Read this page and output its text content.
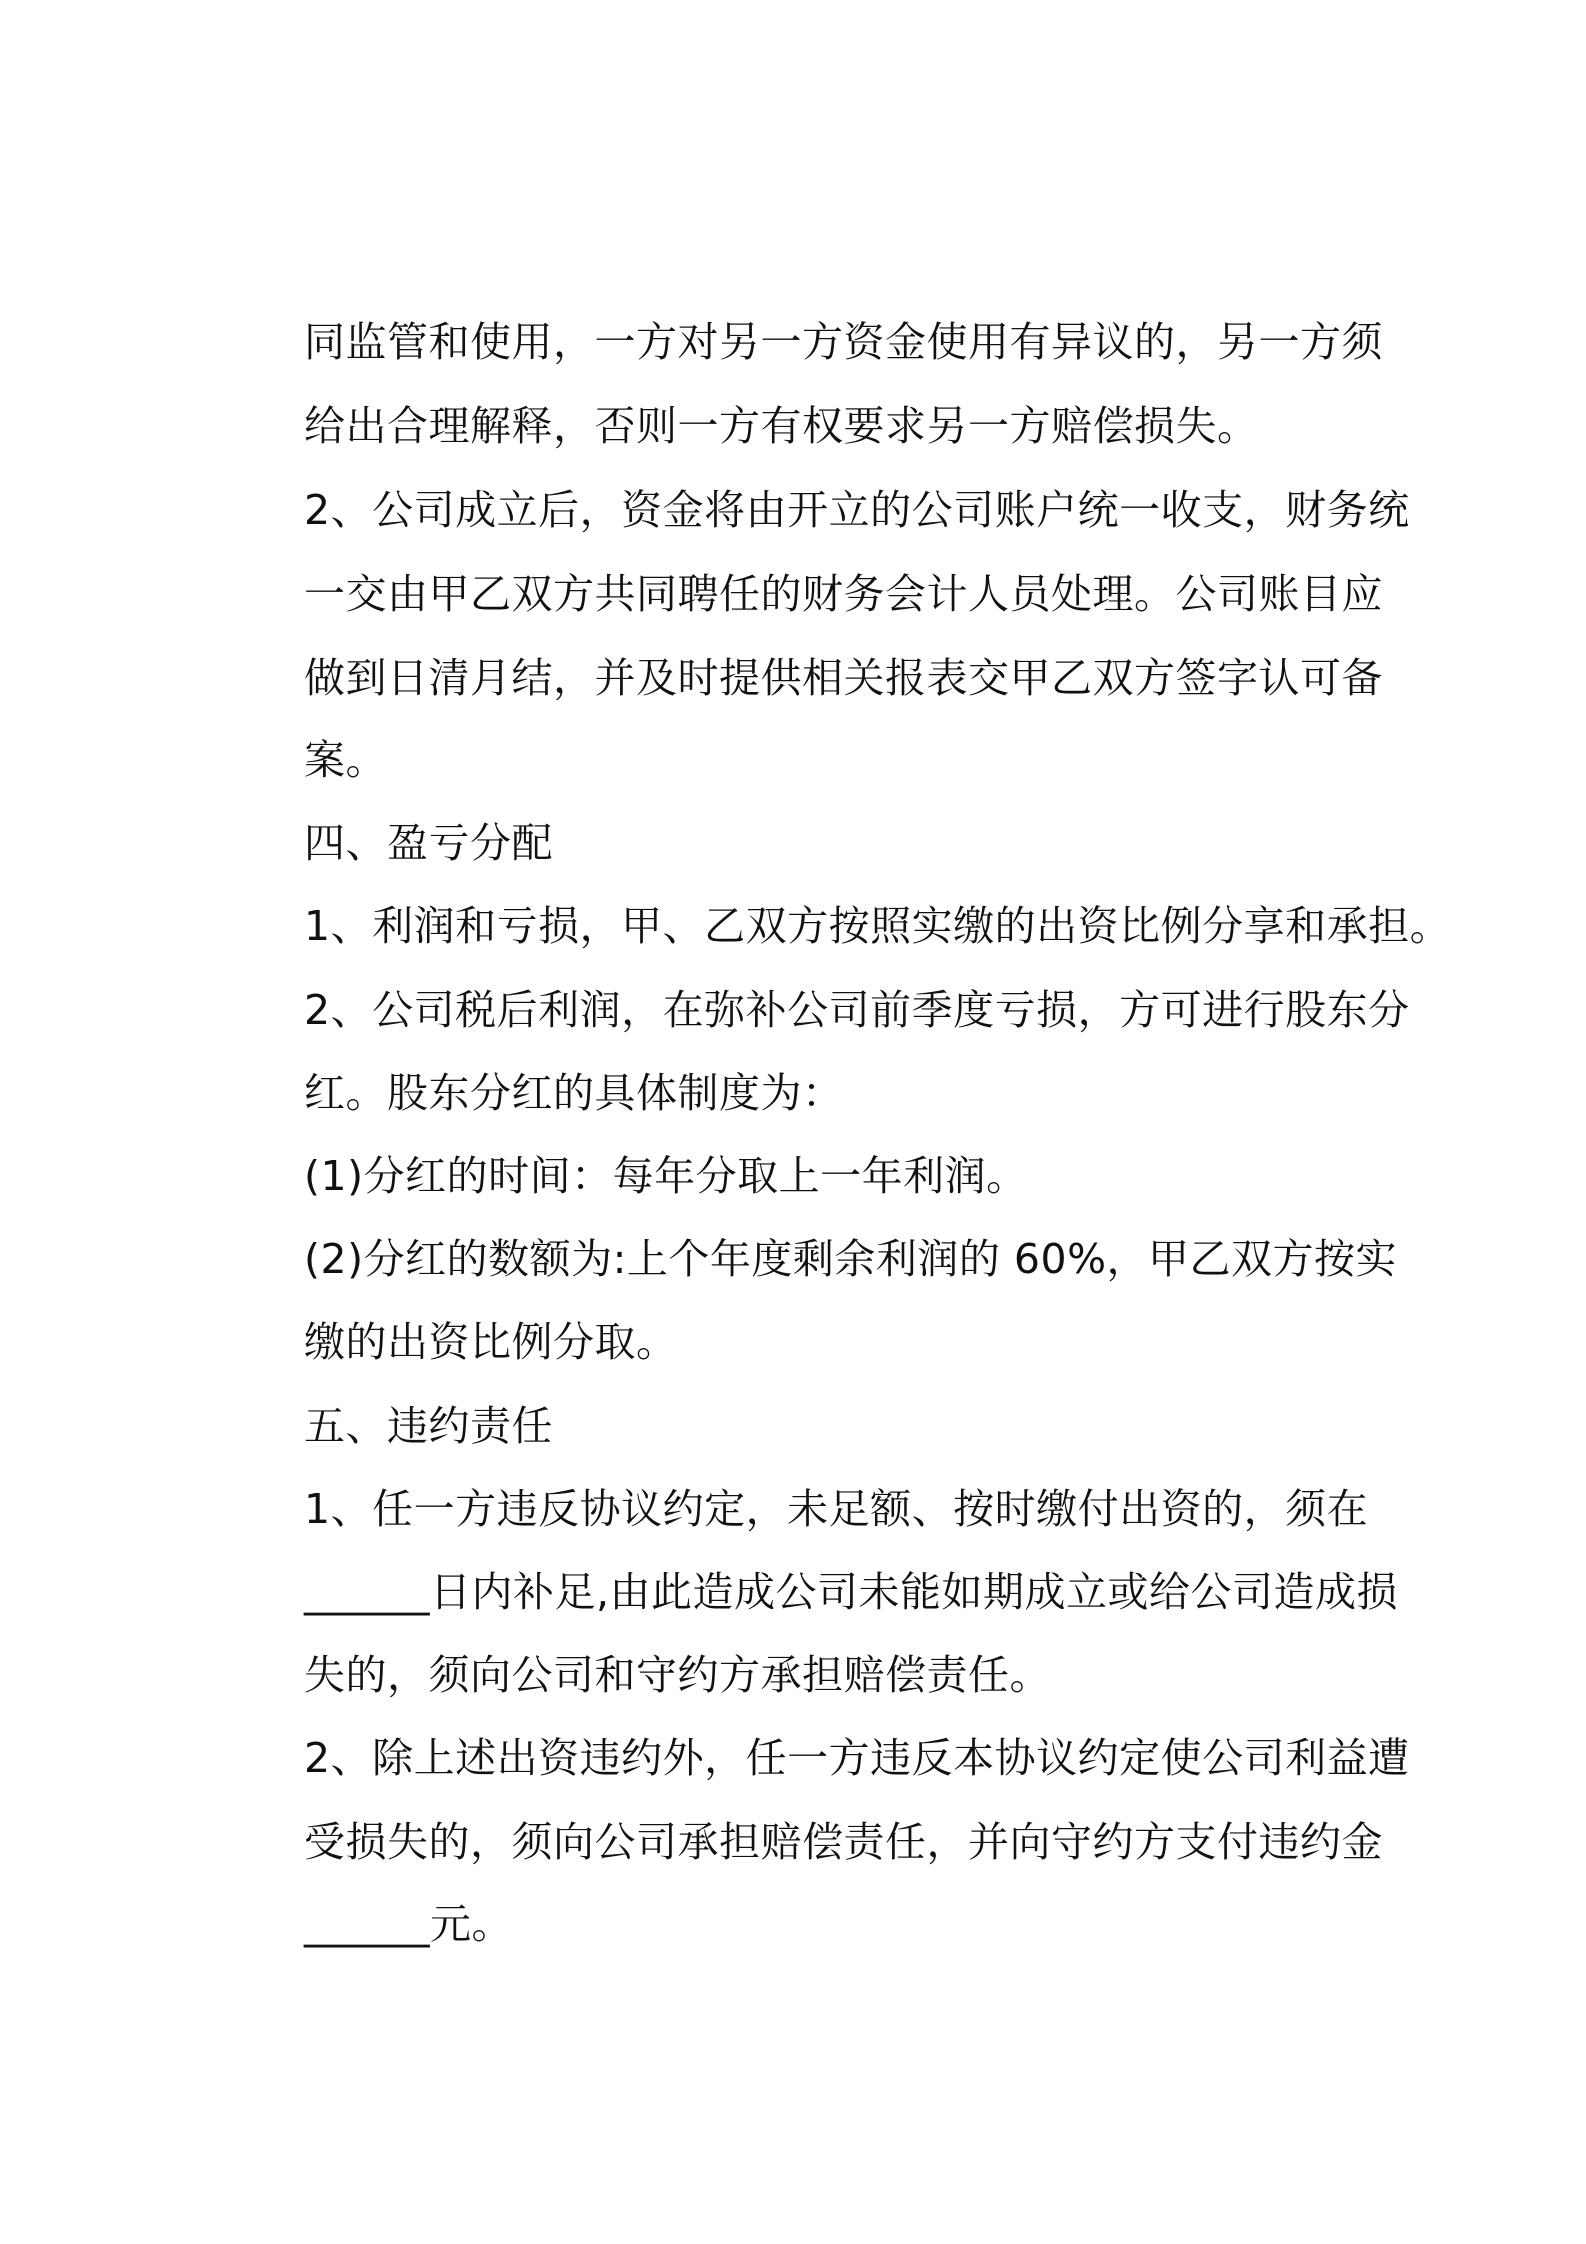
同监管和使用，一方对另一方资金使用有异议的，另一方须
给出合理解释，否则一方有权要求另一方赔偿损失。
2、公司成立后，资金将由开立的公司账户统一收支，财务统
一交由甲乙双方共同聘任的财务会计人员处理。公司账目应
做到日清月结，并及时提供相关报表交甲乙双方签字认可备
案。
四、盈亏分配
1、利润和亏损，甲、乙双方按照实缴的出资比例分享和承担。
2、公司税后利润，在弥补公司前季度亏损，方可进行股东分
红。股东分红的具体制度为：
(1)分红的时间：每年分取上一年利润。
(2)分红的数额为:上个年度剩余利润的 60%，甲乙双方按实
缴的出资比例分取。
五、违约责任
1、任一方违反协议约定，未足额、按时缴付出资的，须在
______日内补足,由此造成公司未能如期成立或给公司造成损
失的，须向公司和守约方承担赔偿责任。
2、除上述出资违约外，任一方违反本协议约定使公司利益遭
受损失的，须向公司承担赔偿责任，并向守约方支付违约金
______元。
